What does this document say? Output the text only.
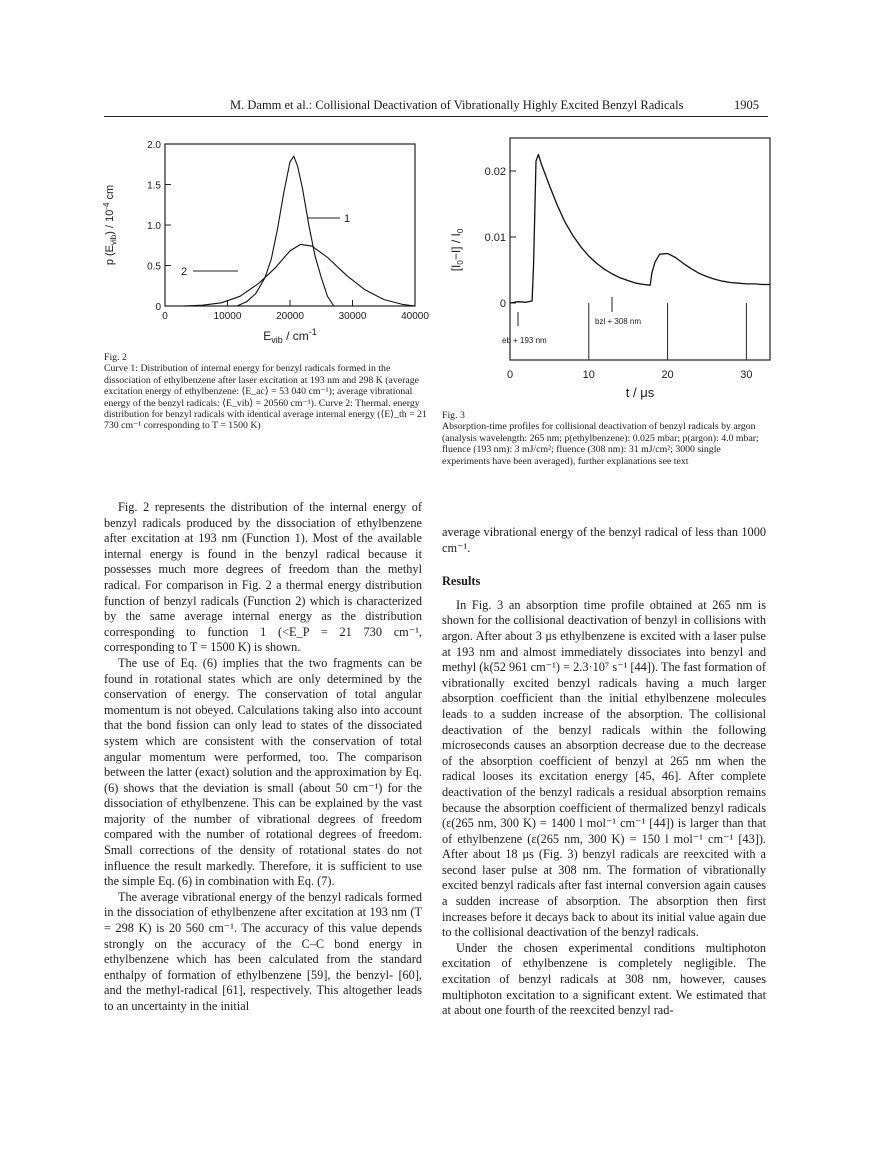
M. Damm et al.: Collisional Deactivation of Vibrationally Highly Excited Benzyl Radicals	1905
0
0.5
1.0
1.5
2.0
0	10000	20000	30000	40000
1
2
p $(E_{vib}) / 10^{-4}$ cm
$E_{vib} / cm^{-1}$
Fig. 2
Curve 1: Distribution of internal energy for benzyl radicals formed in the dissociation of ethylbenzene after laser excitation at 193 nm and 298 K (average excitation energy of ethylbenzene: ⟨E_ac⟩ = 53 040 cm⁻¹); average vibrational energy of the benzyl radicals: ⟨E_vib⟩ = 20560 cm⁻¹). Curve 2: Thermal. energy distribution for benzyl radicals with identical average internal energy (⟨E⟩_th = 21 730 cm⁻¹ corresponding to T = 1500 K)
0
0.01
0.02
0	10	20	30
eb + 193 nm
bzl + 308 nm
$[I_0-I] / I_0$
t / μs
Fig. 3
Absorption-time profiles for collisional deactivation of benzyl radicals by argon (analysis wavelength: 265 nm; p(ethylbenzene): 0.025 mbar; p(argon): 4.0 mbar; fluence (193 nm): 3 mJ/cm²; fluence (308 nm): 31 mJ/cm²; 3000 single experiments have been averaged), further explanations see text

Fig. 2 represents the distribution of the internal energy of benzyl radicals produced by the dissociation of ethylbenzene after excitation at 193 nm (Function 1). Most of the available internal energy is found in the benzyl radical because it possesses much more degrees of freedom than the methyl radical. For comparison in Fig. 2 a thermal energy distribution function of benzyl radicals (Function 2) which is characterized by the same average internal energy as the distribution corresponding to function 1 (<E_P = 21 730 cm⁻¹, corresponding to T = 1500 K) is shown.

The use of Eq. (6) implies that the two fragments can be found in rotational states which are only determined by the conservation of energy. The conservation of total angular momentum is not obeyed. Calculations taking also into account that the bond fission can only lead to states of the dissociated system which are consistent with the conservation of total angular momentum were performed, too. The comparison between the latter (exact) solution and the approximation by Eq. (6) shows that the deviation is small (about 50 cm⁻¹) for the dissociation of ethylbenzene. This can be explained by the vast majority of the number of vibrational degrees of freedom compared with the number of rotational degrees of freedom. Small corrections of the density of rotational states do not influence the result markedly. Therefore, it is sufficient to use the simple Eq. (6) in combination with Eq. (7).

The average vibrational energy of the benzyl radicals formed in the dissociation of ethylbenzene after excitation at 193 nm (T = 298 K) is 20 560 cm⁻¹. The accuracy of this value depends strongly on the accuracy of the C–C bond energy in ethylbenzene which has been calculated from the standard enthalpy of formation of ethylbenzene [59], the benzyl- [60], and the methyl-radical [61], respectively. This altogether leads to an uncertainty in the initial

average vibrational energy of the benzyl radical of less than 1000 cm⁻¹.

Results

In Fig. 3 an absorption time profile obtained at 265 nm is shown for the collisional deactivation of benzyl in collisions with argon. After about 3 μs ethylbenzene is excited with a laser pulse at 193 nm and almost immediately dissociates into benzyl and methyl (k(52 961 cm⁻¹) = 2.3·10⁷ s⁻¹ [44]). The fast formation of vibrationally excited benzyl radicals having a much larger absorption coefficient than the initial ethylbenzene molecules leads to a sudden increase of the absorption. The collisional deactivation of the benzyl radicals within the following microseconds causes an absorption decrease due to the decrease of the absorption coefficient of benzyl at 265 nm when the radical looses its excitation energy [45, 46]. After complete deactivation of the benzyl radicals a residual absorption remains because the absorption coefficient of thermalized benzyl radicals (ε(265 nm, 300 K) = 1400 l mol⁻¹ cm⁻¹ [44]) is larger than that of ethylbenzene (ε(265 nm, 300 K) = 150 l mol⁻¹ cm⁻¹ [43]). After about 18 μs (Fig. 3) benzyl radicals are reexcited with a second laser pulse at 308 nm. The formation of vibrationally excited benzyl radicals after fast internal conversion again causes a sudden increase of absorption. The absorption then first increases before it decays back to about its initial value again due to the collisional deactivation of the benzyl radicals.

Under the chosen experimental conditions multiphoton excitation of ethylbenzene is completely negligible. The excitation of benzyl radicals at 308 nm, however, causes multiphoton excitation to a significant extent. We estimated that at about one fourth of the reexcited benzyl rad-
